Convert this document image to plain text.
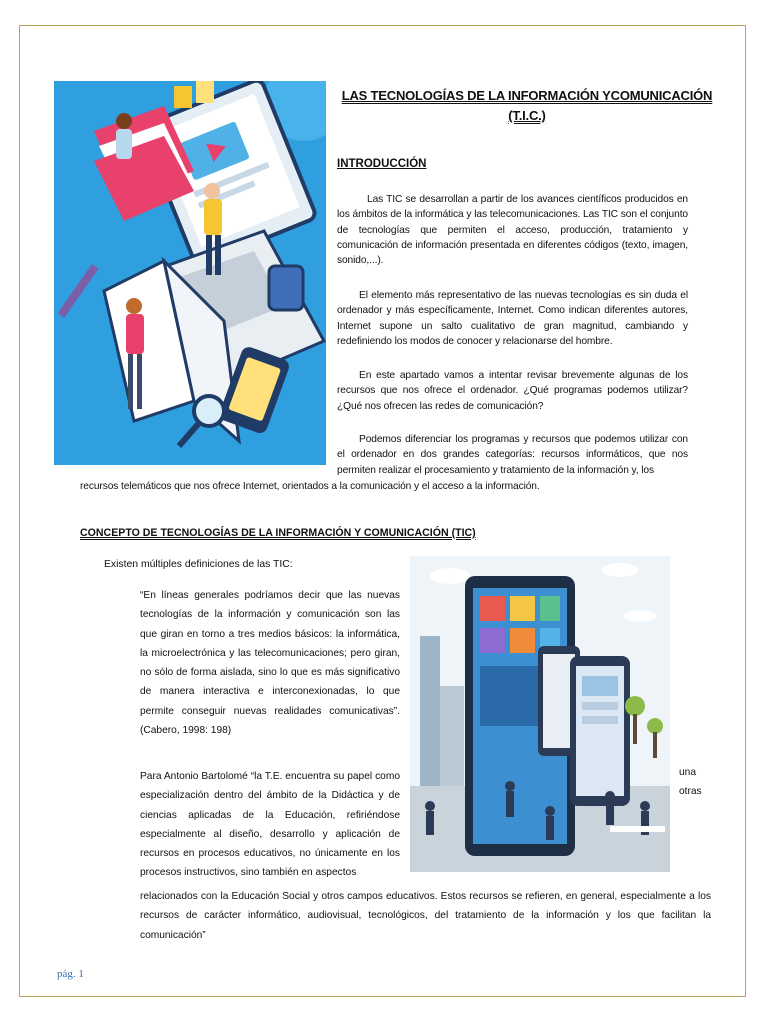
LAS TECNOLOGÍAS DE LA INFORMACIÓN YCOMUNICACIÓN (T.I.C.)
INTRODUCCIÓN
Las TIC se desarrollan a partir de los avances científicos producidos en los ámbitos de la informática y las telecomunicaciones. Las TIC son el conjunto de tecnologías que permiten el acceso, producción, tratamiento y comunicación de información presentada en diferentes códigos (texto, imagen, sonido,...).
El elemento más representativo de las nuevas tecnologías es sin duda el ordenador y más específicamente, Internet. Como indican diferentes autores, Internet supone un salto cualitativo de gran magnitud, cambiando y redefiniendo los modos de conocer y relacionarse del hombre.
En este apartado vamos a intentar revisar brevemente algunas de los recursos que nos ofrece el ordenador. ¿Qué programas podemos utilizar? ¿Qué nos ofrecen las redes de comunicación?
Podemos diferenciar los programas y recursos que podemos utilizar con el ordenador en dos grandes categorías: recursos informáticos, que nos permiten realizar el procesamiento y tratamiento de la información y, los
recursos telemáticos que nos ofrece Internet, orientados a la comunicación y el acceso a la información.
CONCEPTO DE TECNOLOGÍAS DE LA INFORMACIÓN Y COMUNICACIÓN (TIC)
Existen múltiples definiciones de las TIC:
“En líneas generales podríamos decir que las nuevas tecnologías de la información y comunicación son las que giran en torno a tres medios básicos: la informática, la microelectrónica y las telecomunicaciones; pero giran, no sólo de forma aislada, sino lo que es más significativo de manera interactiva e interconexionadas, lo que permite conseguir nuevas realidades comunicativas”. (Cabero, 1998: 198)
Para Antonio Bartolomé “la T.E. encuentra su papel como especialización dentro del ámbito de la Didáctica y de ciencias aplicadas de la Educación, refiriéndose especialmente al diseño, desarrollo y aplicación de recursos en procesos educativos, no únicamente en los procesos instructivos, sino también en aspectos
una
otras
relacionados con la Educación Social y otros campos educativos. Estos recursos se refieren, en general, especialmente a los recursos de carácter informático, audiovisual, tecnológicos, del tratamiento de la información y los que facilitan la comunicación”
pág. 1
